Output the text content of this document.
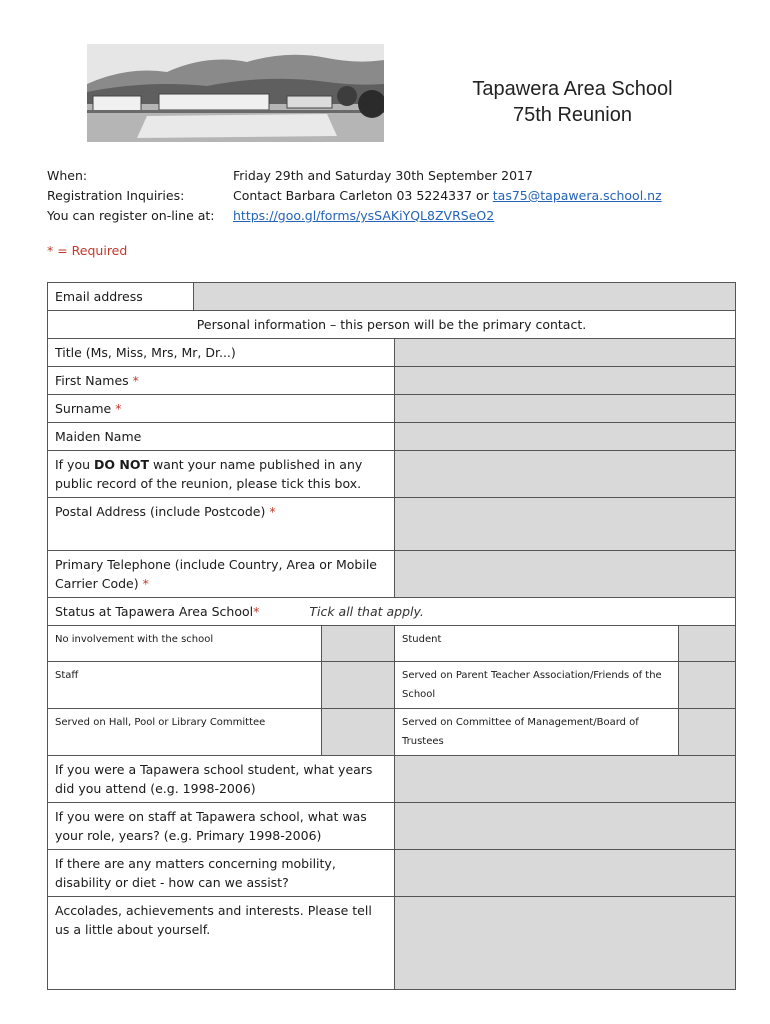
Tapawera Area School
75th Reunion
When:	Friday 29th and Saturday 30th September 2017
Registration Inquiries:	Contact Barbara Carleton 03 5224337 or tas75@tapawera.school.nz
You can register on-line at:	https://goo.gl/forms/ysSAKiYQL8ZVRSeO2
* = Required
Email address				
Personal information – this person will be the primary contact.				
Title (Ms, Miss, Mrs, Mr, Dr...)				
First Names *				
Surname *				
Maiden Name				
If you DO NOT want your name published in any public record of the reunion, please tick this box.				
Postal Address (include Postcode) *				
Primary Telephone (include Country, Area or Mobile Carrier Code) *				
Status at Tapawera Area School* Tick all that apply.				
No involvement with the school			Student	
Staff			Served on Parent Teacher Association/Friends of the School	
Served on Hall, Pool or Library Committee			Served on Committee of Management/Board of Trustees	
If you were a Tapawera school student, what years did you attend (e.g. 1998-2006)				
If you were on staff at Tapawera school, what was your role, years? (e.g. Primary 1998-2006)				
If there are any matters concerning mobility, disability or diet - how can we assist?				
Accolades, achievements and interests. Please tell us a little about yourself.				
